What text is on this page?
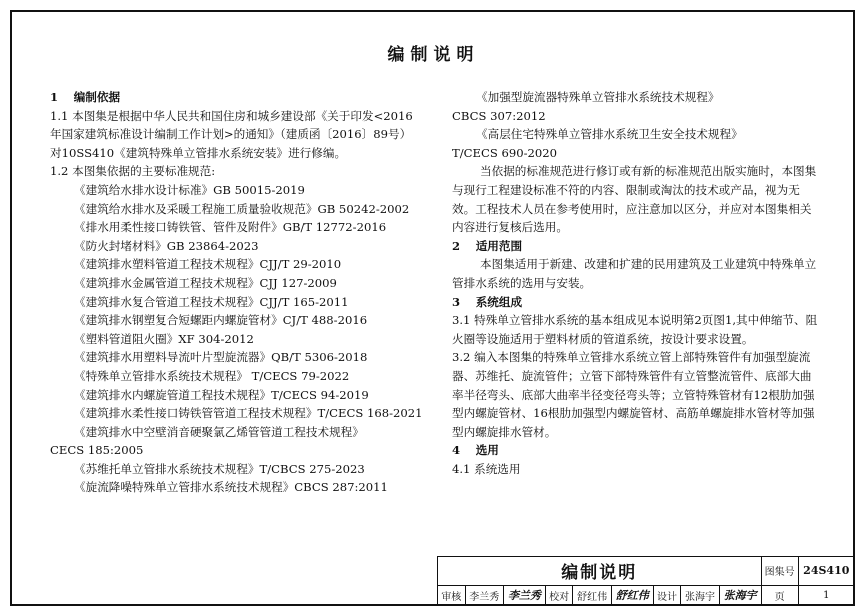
编制说明
1　 编制依据
1.1 本图集是根据中华人民共和国住房和城乡建设部《关于印发<2016年国家建筑标准设计编制工作计划>的通知》（建质函〔2016〕89号）对10SS410《建筑特殊单立管排水系统安装》进行修编。
1.2 本图集依据的主要标准规范:
《建筑给水排水设计标准》GB 50015-2019
《建筑给水排水及采暖工程施工质量验收规范》GB 50242-2002
《排水用柔性接口铸铁管、管件及附件》GB/T 12772-2016
《防火封堵材料》GB 23864-2023
《建筑排水塑料管道工程技术规程》CJJ/T 29-2010
《建筑排水金属管道工程技术规程》CJJ 127-2009
《建筑排水复合管道工程技术规程》CJJ/T 165-2011
《建筑排水钢塑复合短螺距内螺旋管材》CJ/T 488-2016
《塑料管道阻火圈》XF 304-2012
《建筑排水用塑料导流叶片型旋流器》QB/T 5306-2018
《特殊单立管排水系统技术规程》 T/CECS 79-2022
《建筑排水内螺旋管道工程技术规程》T/CECS 94-2019
《建筑排水柔性接口铸铁管管道工程技术规程》T/CECS 168-2021
《建筑排水中空壁消音硬聚氯乙烯管管道工程技术规程》
CECS 185:2005
《苏维托单立管排水系统技术规程》T/CBCS 275-2023
《旋流降噪特殊单立管排水系统技术规程》CBCS 287:2011
《加强型旋流器特殊单立管排水系统技术规程》
CBCS 307:2012
《高层住宅特殊单立管排水系统卫生安全技术规程》
T/CECS 690-2020
当依据的标准规范进行修订或有新的标准规范出版实施时，本图集与现行工程建设标准不符的内容、限制或淘汰的技术或产品，视为无效。工程技术人员在参考使用时，应注意加以区分，并应对本图集相关内容进行复核后选用。
2　 适用范围
本图集适用于新建、改建和扩建的民用建筑及工业建筑中特殊单立管排水系统的选用与安装。
3　 系统组成
3.1 特殊单立管排水系统的基本组成见本说明第2页图1,其中伸缩节、阻火圈等设施适用于塑料材质的管道系统，按设计要求设置。
3.2 编入本图集的特殊单立管排水系统立管上部特殊管件有加强型旋流器、苏维托、旋流管件；立管下部特殊管件有立管整流管件、底部大曲率半径弯头、底部大曲率半径变径弯头等；立管特殊管材有12根肋加强型内螺旋管材、16根肋加强型内螺旋管材、高筋单螺旋排水管材等加强型内螺旋排水管材。
4　 选用
4.1 系统选用
编制说明									图集号	24S410
审核	李兰秀	李兰秀	校对	舒红伟	舒红伟	设计	张海宇	张海宇	页	1
